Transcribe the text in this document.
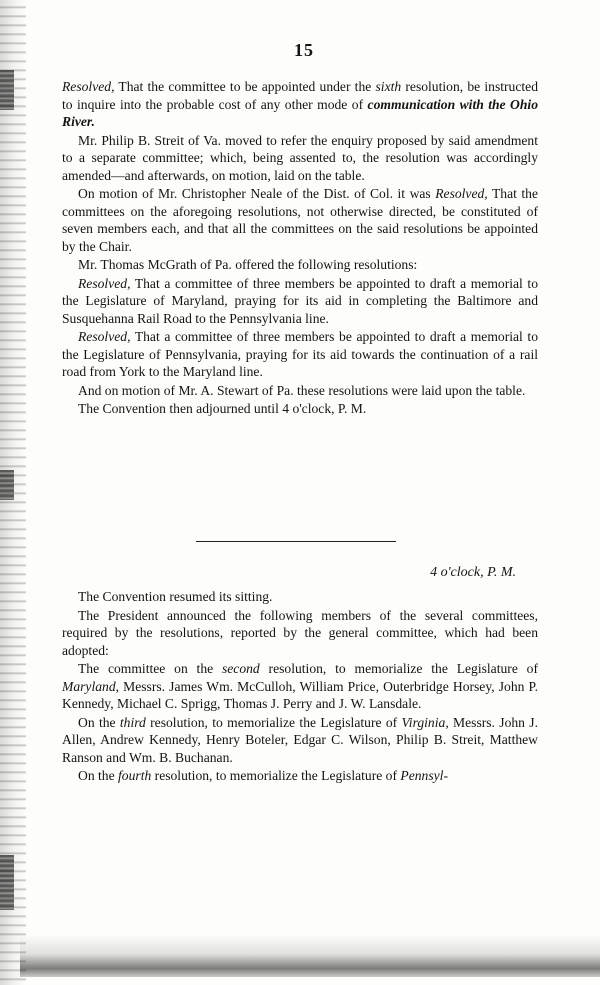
15

Resolved, That the committee to be appointed under the sixth resolution, be instructed to inquire into the probable cost of any other mode of communication with the Ohio River.

Mr. Philip B. Streit of Va. moved to refer the enquiry proposed by said amendment to a separate committee; which, being assented to, the resolution was accordingly amended—and afterwards, on motion, laid on the table.

On motion of Mr. Christopher Neale of the Dist. of Col. it was Resolved, That the committees on the aforegoing resolutions, not otherwise directed, be constituted of seven members each, and that all the committees on the said resolutions be appointed by the Chair.

Mr. Thomas McGrath of Pa. offered the following resolutions:

Resolved, That a committee of three members be appointed to draft a memorial to the Legislature of Maryland, praying for its aid in completing the Baltimore and Susquehanna Rail Road to the Pennsylvania line.

Resolved, That a committee of three members be appointed to draft a memorial to the Legislature of Pennsylvania, praying for its aid towards the continuation of a rail road from York to the Maryland line.

And on motion of Mr. A. Stewart of Pa. these resolutions were laid upon the table.

The Convention then adjourned until 4 o'clock, P. M.

4 o'clock, P. M.

The Convention resumed its sitting.

The President announced the following members of the several committees, required by the resolutions, reported by the general committee, which had been adopted:

The committee on the second resolution, to memorialize the Legislature of Maryland, Messrs. James Wm. McCulloh, William Price, Outerbridge Horsey, John P. Kennedy, Michael C. Sprigg, Thomas J. Perry and J. W. Lansdale.

On the third resolution, to memorialize the Legislature of Virginia, Messrs. John J. Allen, Andrew Kennedy, Henry Boteler, Edgar C. Wilson, Philip B. Streit, Matthew Ranson and Wm. B. Buchanan.

On the fourth resolution, to memorialize the Legislature of Pennsyl-
